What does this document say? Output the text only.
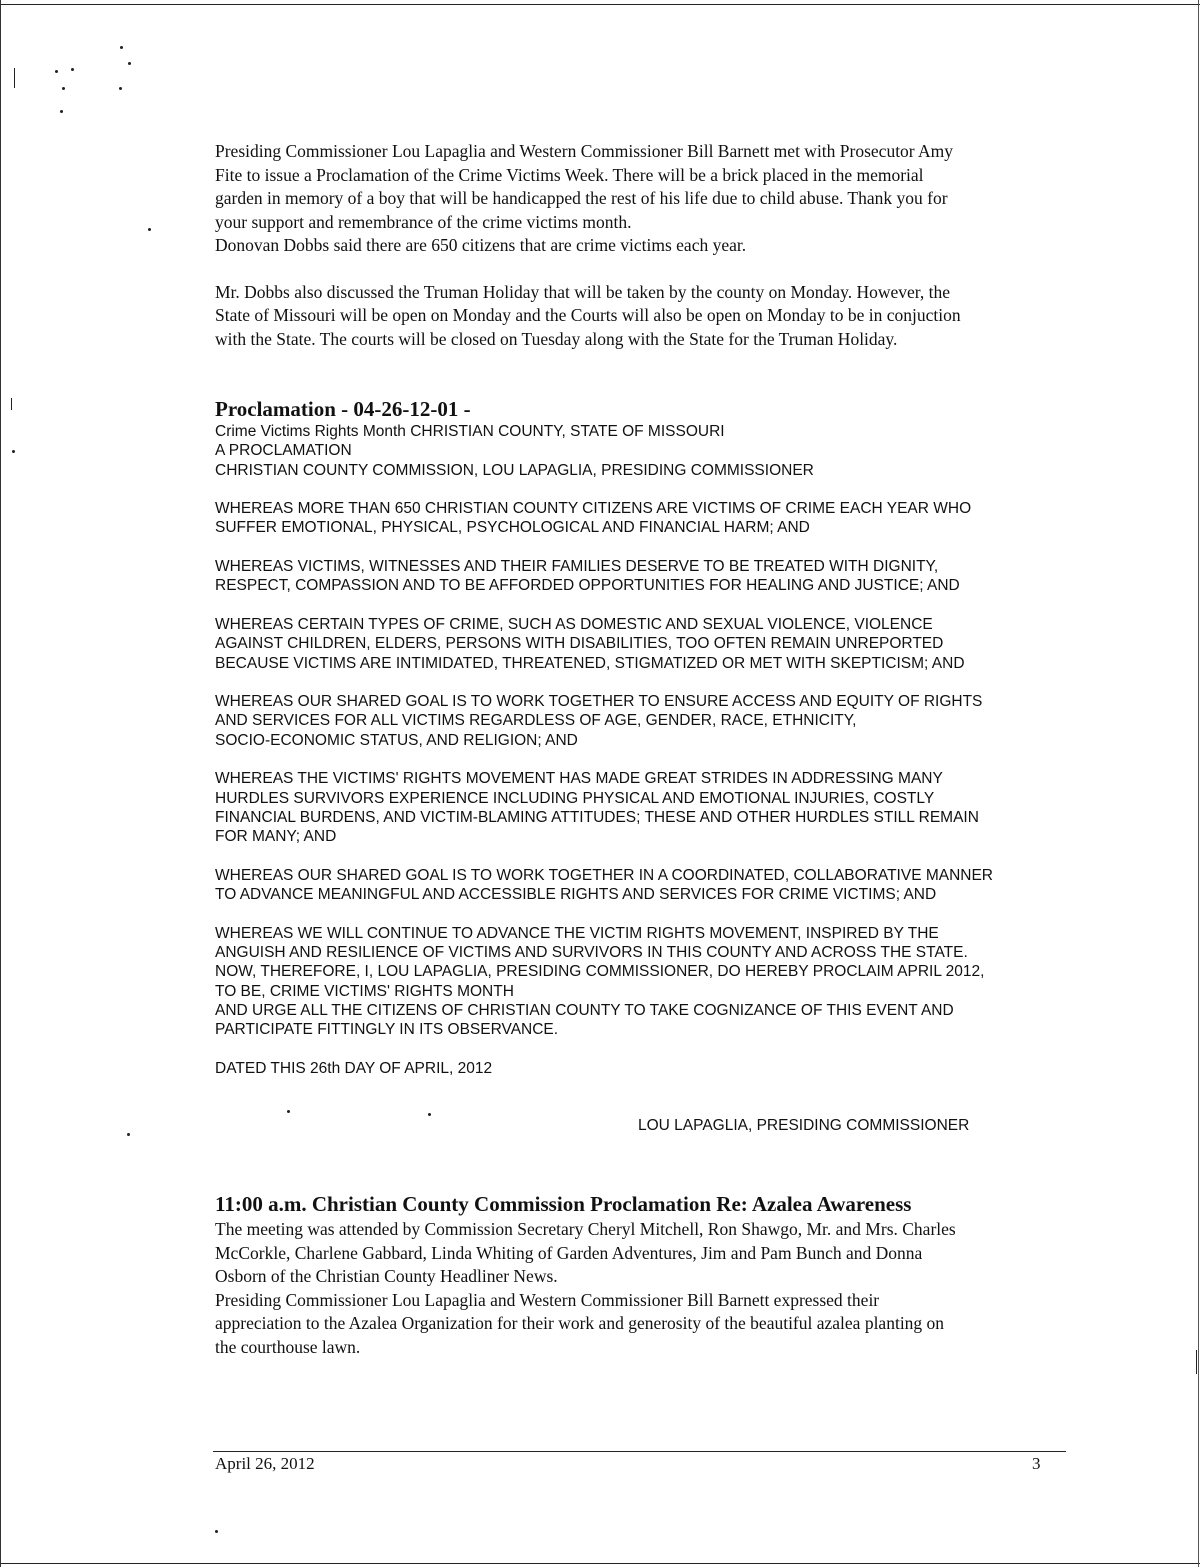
Presiding Commissioner Lou Lapaglia and Western Commissioner Bill Barnett met with Prosecutor Amy
Fite to issue a Proclamation of the Crime Victims Week. There will be a brick placed in the memorial
garden in memory of a boy that will be handicapped the rest of his life due to child abuse. Thank you for
your support and remembrance of the crime victims month.

Donovan Dobbs said there are 650 citizens that are crime victims each year.

Mr. Dobbs also discussed the Truman Holiday that will be taken by the county on Monday. However, the
State of Missouri will be open on Monday and the Courts will also be open on Monday to be in conjuction
with the State. The courts will be closed on Tuesday along with the State for the Truman Holiday.

Proclamation - 04-26-12-01 -

Crime Victims Rights Month CHRISTIAN COUNTY, STATE OF MISSOURI
A PROCLAMATION
CHRISTIAN COUNTY COMMISSION, LOU LAPAGLIA, PRESIDING COMMISSIONER

WHEREAS MORE THAN 650 CHRISTIAN COUNTY CITIZENS ARE VICTIMS OF CRIME EACH YEAR WHO
SUFFER EMOTIONAL, PHYSICAL, PSYCHOLOGICAL AND FINANCIAL HARM; AND

WHEREAS VICTIMS, WITNESSES AND THEIR FAMILIES DESERVE TO BE TREATED WITH DIGNITY,
RESPECT, COMPASSION AND TO BE AFFORDED OPPORTUNITIES FOR HEALING AND JUSTICE; AND

WHEREAS CERTAIN TYPES OF CRIME, SUCH AS DOMESTIC AND SEXUAL VIOLENCE, VIOLENCE
AGAINST CHILDREN, ELDERS, PERSONS WITH DISABILITIES, TOO OFTEN REMAIN UNREPORTED
BECAUSE VICTIMS ARE INTIMIDATED, THREATENED, STIGMATIZED OR MET WITH SKEPTICISM; AND

WHEREAS OUR SHARED GOAL IS TO WORK TOGETHER TO ENSURE ACCESS AND EQUITY OF RIGHTS
AND SERVICES FOR ALL VICTIMS REGARDLESS OF AGE, GENDER, RACE, ETHNICITY,
SOCIO-ECONOMIC STATUS, AND RELIGION; AND

WHEREAS THE VICTIMS' RIGHTS MOVEMENT HAS MADE GREAT STRIDES IN ADDRESSING MANY
HURDLES SURVIVORS EXPERIENCE INCLUDING PHYSICAL AND EMOTIONAL INJURIES, COSTLY
FINANCIAL BURDENS, AND VICTIM-BLAMING ATTITUDES; THESE AND OTHER HURDLES STILL REMAIN
FOR MANY; AND

WHEREAS OUR SHARED GOAL IS TO WORK TOGETHER IN A COORDINATED, COLLABORATIVE MANNER
TO ADVANCE MEANINGFUL AND ACCESSIBLE RIGHTS AND SERVICES FOR CRIME VICTIMS; AND

WHEREAS WE WILL CONTINUE TO ADVANCE THE VICTIM RIGHTS MOVEMENT, INSPIRED BY THE
ANGUISH AND RESILIENCE OF VICTIMS AND SURVIVORS IN THIS COUNTY AND ACROSS THE STATE.
NOW, THEREFORE, I, LOU LAPAGLIA, PRESIDING COMMISSIONER, DO HEREBY PROCLAIM APRIL 2012,
TO BE, CRIME VICTIMS' RIGHTS MONTH
AND URGE ALL THE CITIZENS OF CHRISTIAN COUNTY TO TAKE COGNIZANCE OF THIS EVENT AND
PARTICIPATE FITTINGLY IN ITS OBSERVANCE.

DATED THIS 26th DAY OF APRIL, 2012

LOU LAPAGLIA, PRESIDING COMMISSIONER

11:00 a.m. Christian County Commission Proclamation Re: Azalea Awareness

The meeting was attended by Commission Secretary Cheryl Mitchell, Ron Shawgo, Mr. and Mrs. Charles
McCorkle, Charlene Gabbard, Linda Whiting of Garden Adventures, Jim and Pam Bunch and Donna
Osborn of the Christian County Headliner News.
Presiding Commissioner Lou Lapaglia and Western Commissioner Bill Barnett expressed their
appreciation to the Azalea Organization for their work and generosity of the beautiful azalea planting on
the courthouse lawn.

April 26, 2012	3
